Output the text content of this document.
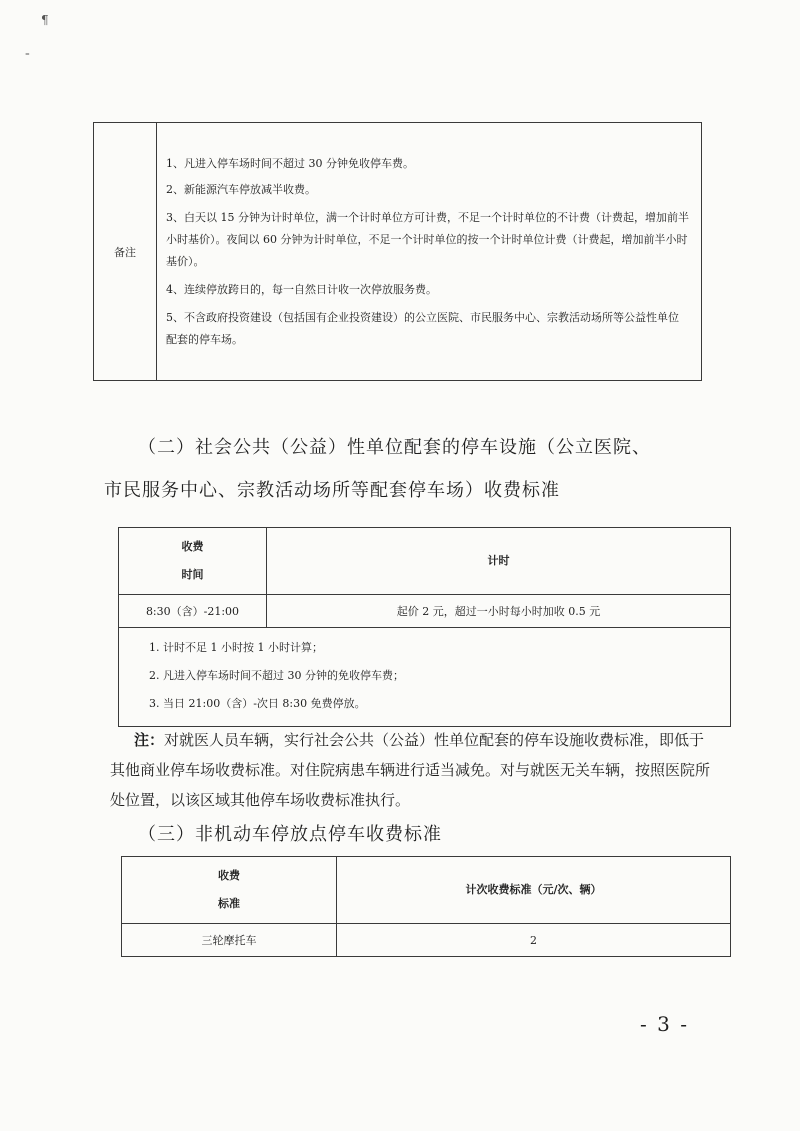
¶
⁼
备注	

1、凡进入停车场时间不超过 30 分钟免收停车费。

2、新能源汽车停放减半收费。

3、白天以 15 分钟为计时单位，满一个计时单位方可计费，不足一个计时单位的不计费（计费起，增加前半小时基价）。夜间以 60 分钟为计时单位，不足一个计时单位的按一个计时单位计费（计费起，增加前半小时基价）。

4、连续停放跨日的，每一自然日计收一次停放服务费。

5、不含政府投资建设（包括国有企业投资建设）的公立医院、市民服务中心、宗教活动场所等公益性单位配套的停车场。

（二）社会公共（公益）性单位配套的停车设施（公立医院、
市民服务中心、宗教活动场所等配套停车场）收费标准
收费
时间	计时
8:30（含）-21:00	起价 2 元，超过一小时每小时加收 0.5 元

1. 计时不足 1 小时按 1 小时计算；

2. 凡进入停车场时间不超过 30 分钟的免收停车费；

3. 当日 21:00（含）-次日 8:30 免费停放。	

注：对就医人员车辆，实行社会公共（公益）性单位配套的停车设施收费标准，即低于其他商业停车场收费标准。对住院病患车辆进行适当减免。对与就医无关车辆，按照医院所处位置，以该区域其他停车场收费标准执行。

（三）非机动车停放点停车收费标准
收费
标准	计次收费标准（元/次、辆）
三轮摩托车	2
- 3 -
